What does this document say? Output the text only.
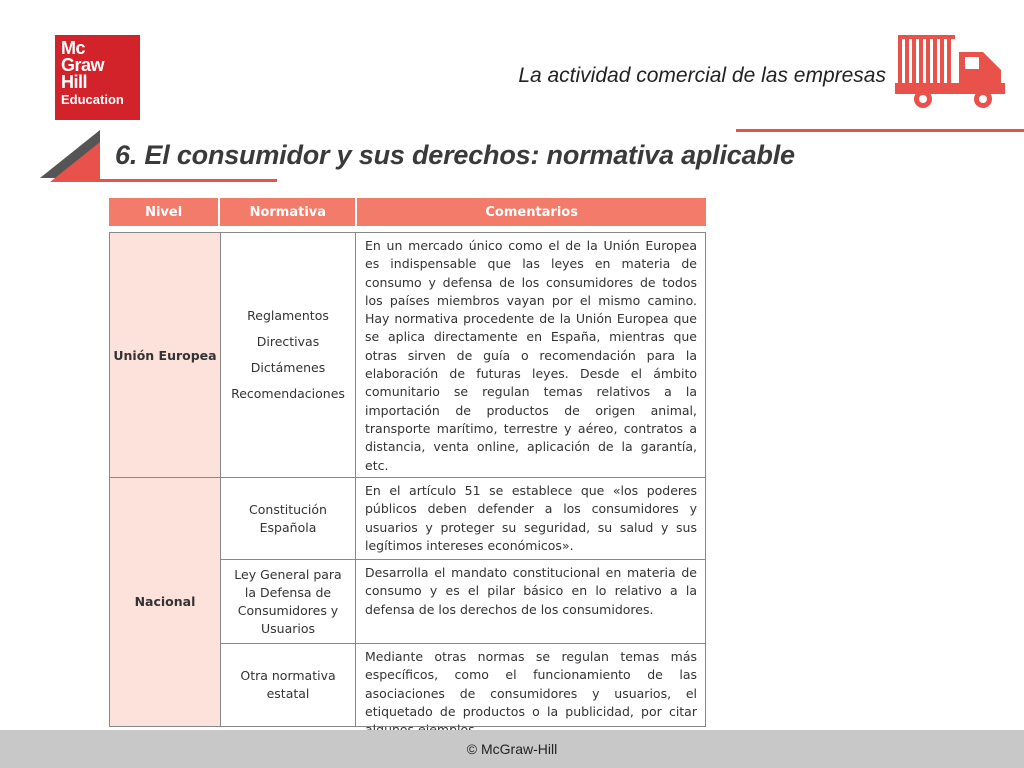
Mc
Graw
Hill
Education
La actividad comercial de las empresas
6. El consumidor y sus derechos: normativa aplicable
Nivel	Normativa	Comentarios
Unión Europea
Nacional
Reglamentos
Directivas
Dictámenes
Recomendaciones
En un mercado único como el de la Unión Europea es indispensable que las leyes en materia de consumo y defensa de los consumidores de todos los países miembros vayan por el mismo camino. Hay normativa procedente de la Unión Europea que se aplica directamente en España, mientras que otras sirven de guía o recomendación para la elaboración de futuras leyes. Desde el ámbito comunitario se regulan temas relativos a la importación de productos de origen animal, transporte marítimo, terrestre y aéreo, contratos a distancia, venta online, aplicación de la garantía, etc.
Constitución Española
En el artículo 51 se establece que «los poderes públicos deben defender a los consumidores y usuarios y proteger su seguridad, su salud y sus legítimos intereses económicos».
Ley General para la Defensa de Consumidores y Usuarios
Desarrolla el mandato constitucional en materia de consumo y es el pilar básico en lo relativo a la defensa de los derechos de los consumidores.
Otra normativa estatal
Mediante otras normas se regulan temas más específicos, como el funcionamiento de las asociaciones de consumidores y usuarios, el etiquetado de productos o la publicidad, por citar
© McGraw-Hill
